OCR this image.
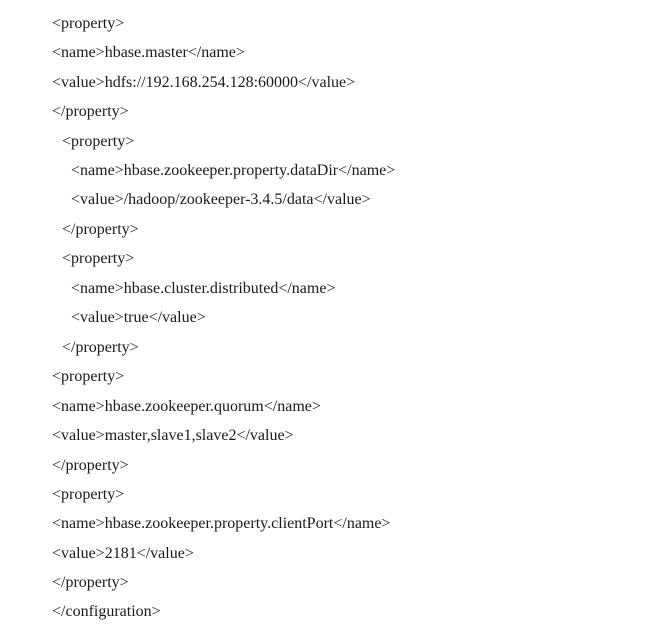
<property>
<name>hbase.master</name>
<value>hdfs://192.168.254.128:60000</value>
</property>
<property>
<name>hbase.zookeeper.property.dataDir</name>
<value>/hadoop/zookeeper-3.4.5/data</value>
</property>
<property>
<name>hbase.cluster.distributed</name>
<value>true</value>
</property>
<property>
<name>hbase.zookeeper.quorum</name>
<value>master,slave1,slave2</value>
</property>
<property>
<name>hbase.zookeeper.property.clientPort</name>
<value>2181</value>
</property>
</configuration>
